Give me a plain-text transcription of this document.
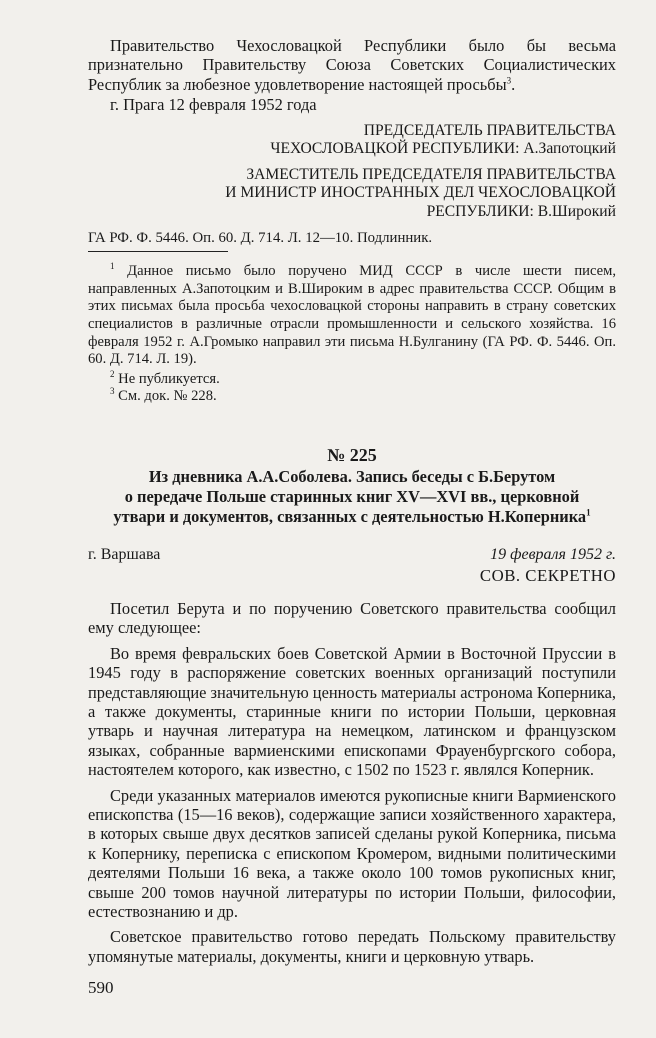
Правительство Чехословацкой Республики было бы весьма признательно Правительству Союза Советских Социалистических Республик за любезное удовлетворение настоящей просьбы$^3$.

г. Прага 12 февраля 1952 года

ПРЕДСЕДАТЕЛЬ ПРАВИТЕЛЬСТВА

ЧЕХОСЛОВАЦКОЙ РЕСПУБЛИКИ: А.Запотоцкий

ЗАМЕСТИТЕЛЬ ПРЕДСЕДАТЕЛЯ ПРАВИТЕЛЬСТВА

И МИНИСТР ИНОСТРАННЫХ ДЕЛ ЧЕХОСЛОВАЦКОЙ

РЕСПУБЛИКИ: В.Широкий

ГА РФ. Ф. 5446. Оп. 60. Д. 714. Л. 12—10. Подлинник.

$^1$ Данное письмо было поручено МИД СССР в числе шести писем, направленных А.Запотоцким и В.Широким в адрес правительства СССР. Общим в этих письмах была просьба чехословацкой стороны направить в страну советских специалистов в различные отрасли промышленности и сельского хозяйства. 16 февраля 1952 г. А.Громыко направил эти письма Н.Булганину (ГА РФ. Ф. 5446. Оп. 60. Д. 714. Л. 19).

$^2$ Не публикуется.

$^3$ См. док. № 228.

№ 225

Из дневника А.А.Соболева. Запись беседы с Б.Берутом

о передаче Польше старинных книг XV—XVI вв., церковной

утвари и документов, связанных с деятельностью Н.Коперника$^1$

г. Варшава	19 февраля 1952 г.

СОВ. СЕКРЕТНО

Посетил Берута и по поручению Советского правительства сообщил ему следующее:

Во время февральских боев Советской Армии в Восточной Пруссии в 1945 году в распоряжение советских военных организаций поступили представляющие значительную ценность материалы астронома Коперника, а также документы, старинные книги по истории Польши, церковная утварь и научная литература на немецком, латинском и французском языках, собранные вармиенскими епископами Фрауенбургского собора, настоятелем которого, как известно, с 1502 по 1523 г. являлся Коперник.

Среди указанных материалов имеются рукописные книги Вармиенского епископства (15—16 веков), содержащие записи хозяйственного характера, в которых свыше двух десятков записей сделаны рукой Коперника, письма к Копернику, переписка с епископом Кромером, видными политическими деятелями Польши 16 века, а также около 100 томов рукописных книг, свыше 200 томов научной литературы по истории Польши, философии, естествознанию и др.

Советское правительство готово передать Польскому правительству упомянутые материалы, документы, книги и церковную утварь.

590
